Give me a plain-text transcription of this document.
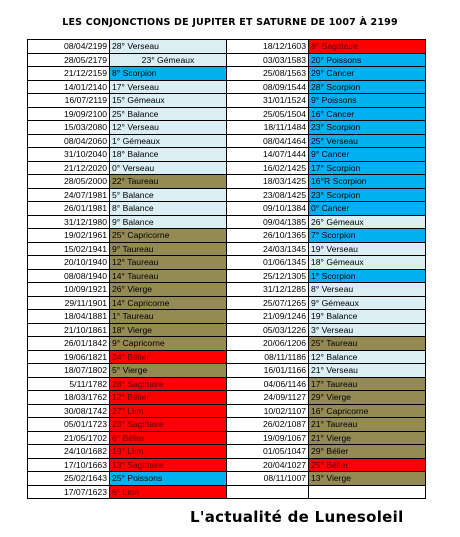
LES CONJONCTIONS DE JUPITER ET SATURNE DE 1007 À 2199
08/04/2199	28° Verseau	18/12/1603	8° Sagittaire
28/05/2179	23° Gémeaux	03/03/1583	20° Poissons
21/12/2159	8° Scorpion	25/08/1563	29° Cancer
14/01/2140	17° Verseau	08/09/1544	28° Scorpion
16/07/2119	15° Gémeaux	31/01/1524	9° Poissons
19/09/2100	25° Balance	25/05/1504	16° Cancer
15/03/2080	12° Verseau	18/11/1484	23° Scorpion
08/04/2060	1° Gémeaux	08/04/1464	25° Verseau
31/10/2040	18° Balance	14/07/1444	9° Cancer
21/12/2020	0° Verseau	16/02/1425	17° Scorpion
28/05/2000	22° Taureau	18/03/1425	16°R Scorpion
24/07/1981	5° Balance	23/08/1425	23° Scorpion
26/01/1981	8° Balance	09/10/1384	0° Cancer
31/12/1980	9° Balance	09/04/1385	26° Gémeaux
19/02/1961	25° Capricorne	26/10/1365	7° Scorpion
15/02/1941	9° Taureau	24/03/1345	19° Verseau
20/10/1940	12° Taureau	01/06/1345	18° Gémeaux
08/08/1940	14° Taureau	25/12/1305	1° Scorpion
10/09/1921	26° Vierge	31/12/1285	8° Verseau
29/11/1901	14° Capricorne	25/07/1265	9° Gémeaux
18/04/1881	1° Taureau	21/09/1246	19° Balance
21/10/1861	18° Vierge	05/03/1226	3° Verseau
26/01/1842	9° Capricorne	20/06/1206	25° Taureau
19/06/1821	24° Bélier	08/11/1186	12° Balance
18/07/1802	5° Vierge	16/01/1166	21° Verseau
5/11/1782	28° Sagittaire	04/06/1146	17° Taureau
18/03/1762	12° Bélier	24/09/1127	29° Vierge
30/08/1742	27° Lion	10/02/1107	16° Capricorne
05/01/1723	23° Sagittaire	26/02/1087	21° Taureau
21/05/1702	6° Bélier	19/09/1067	21° Vierge
24/10/1682	19° Lion	01/05/1047	29° Bélier
17/10/1663	13° Sagittaire	20/04/1027	25° Bélier
25/02/1643	25° Poissons	08/11/1007	13° Vierge
17/07/1623	6° Lion		
L'actualité de Lunesoleil
